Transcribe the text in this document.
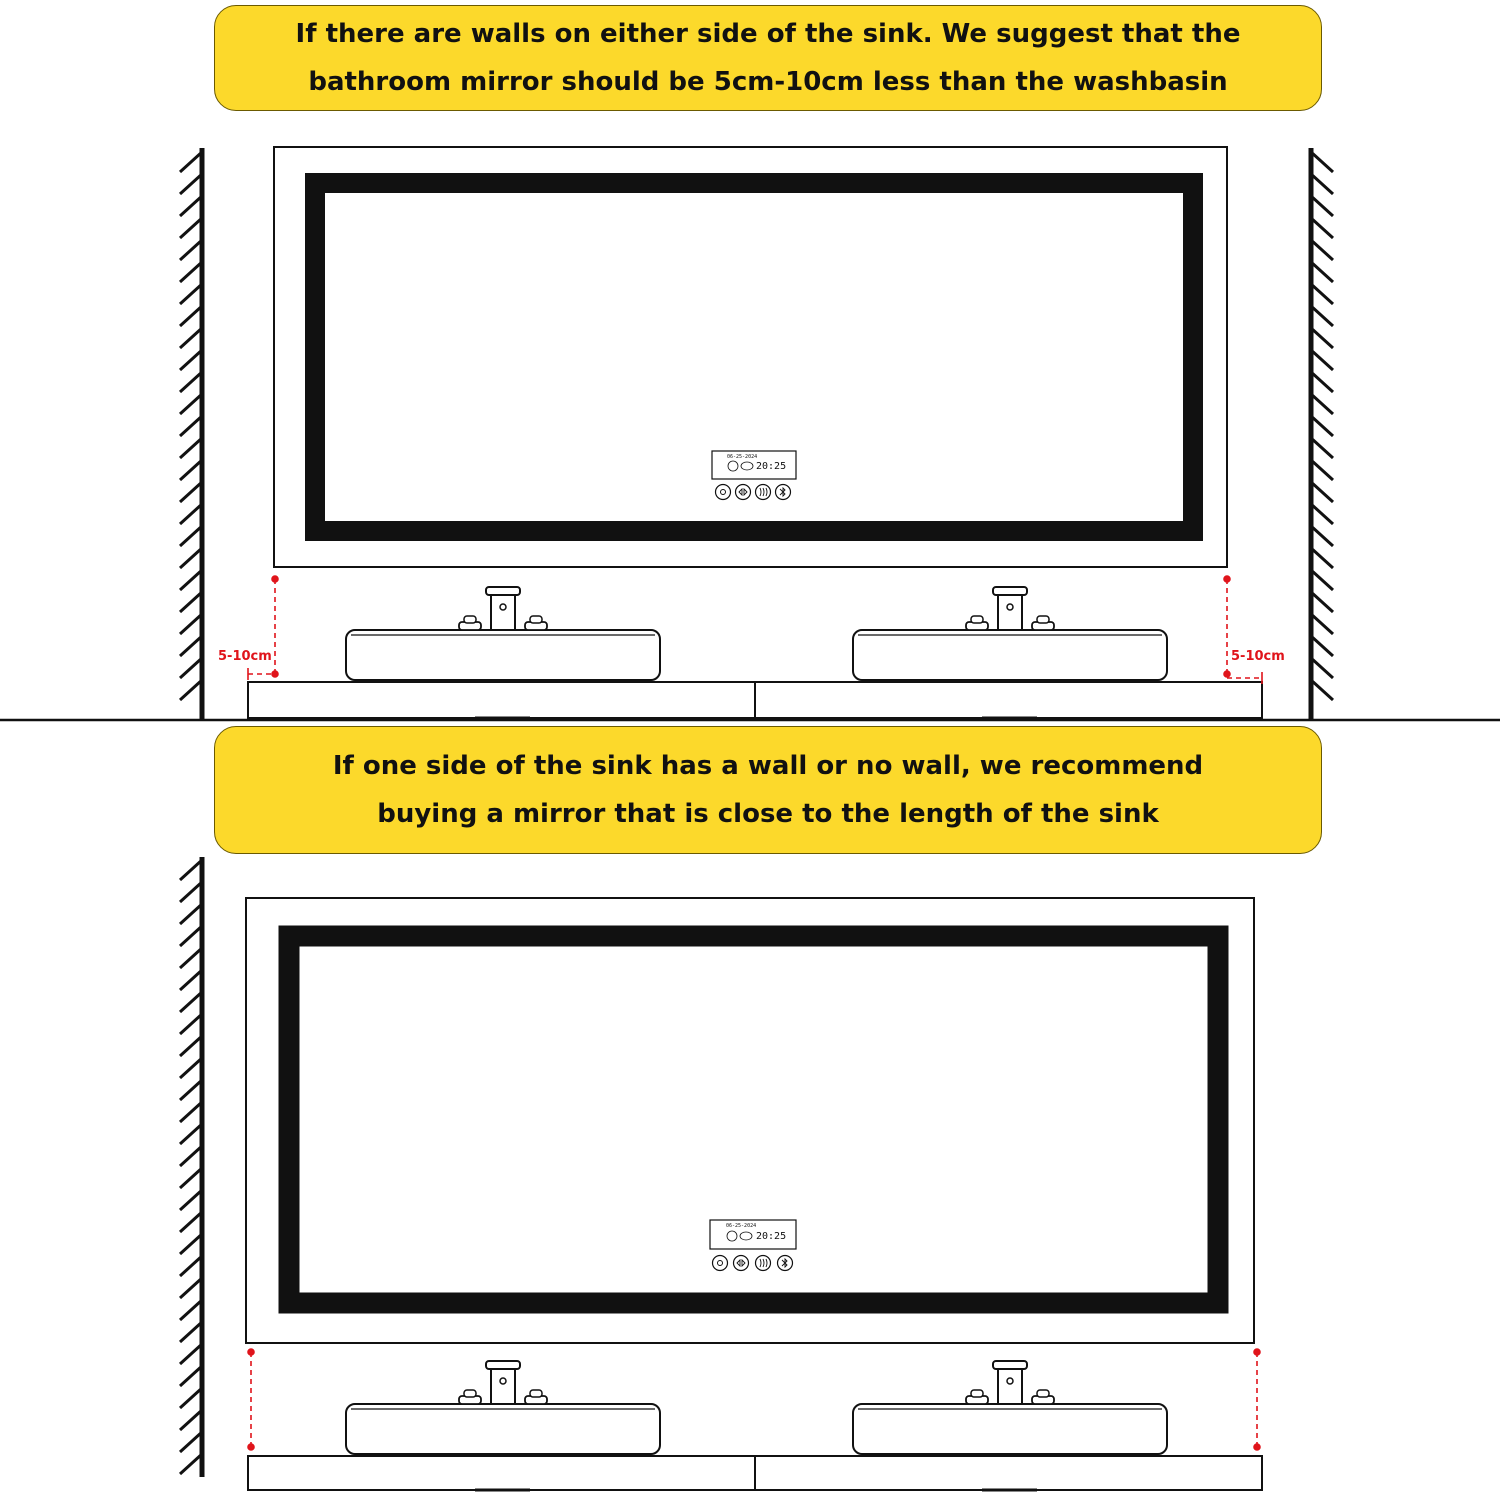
06-25-2024
20:25
5-10cm	5-10cm
06-25-2024
20:25
If there are walls on either side of the sink. We suggest that the
bathroom mirror should be 5cm-10cm less than the washbasin
If one side of the sink has a wall or no wall, we recommend
buying a mirror that is close to the length of the sink
